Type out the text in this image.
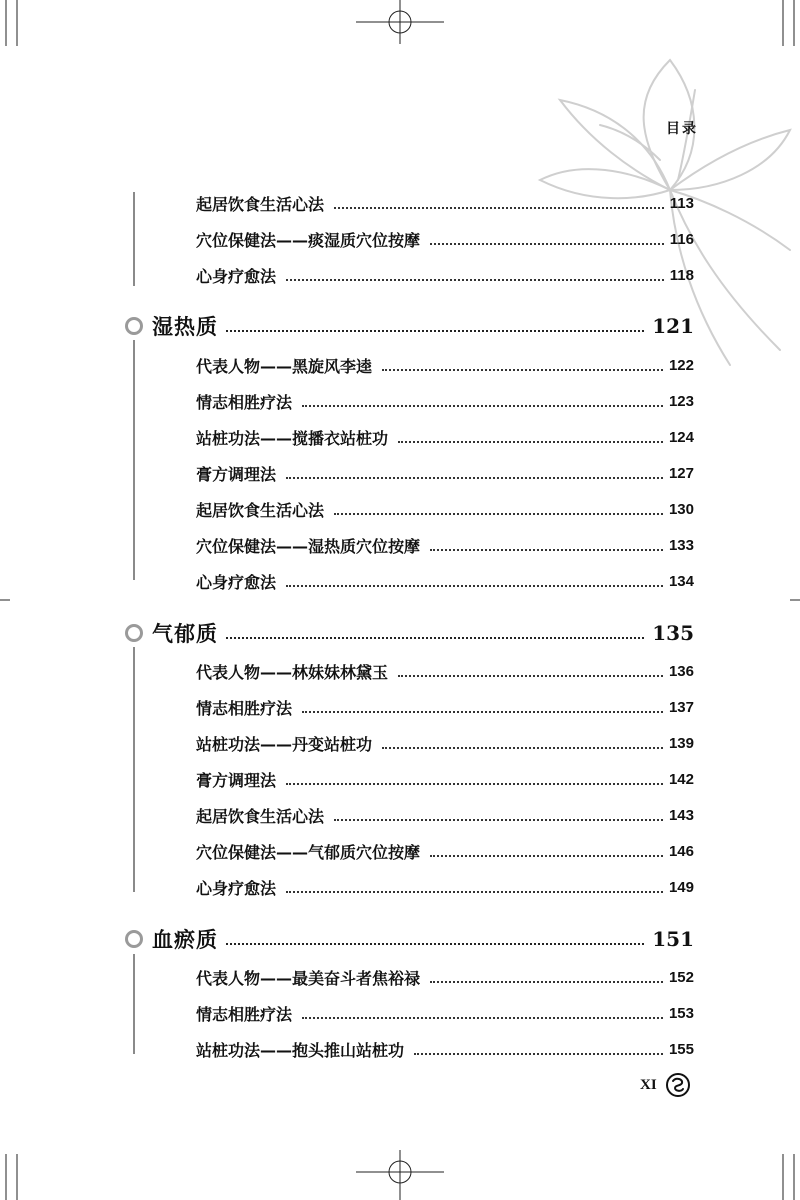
目录
起居饮食生活心法	113
穴位保健法——痰湿质穴位按摩	116
心身疗愈法	118
湿热质	121
代表人物——黑旋风李逵	122
情志相胜疗法	123
站桩功法——搅播衣站桩功	124
膏方调理法	127
起居饮食生活心法	130
穴位保健法——湿热质穴位按摩	133
心身疗愈法	134
气郁质	135
代表人物——林妹妹林黛玉	136
情志相胜疗法	137
站桩功法——丹变站桩功	139
膏方调理法	142
起居饮食生活心法	143
穴位保健法——气郁质穴位按摩	146
心身疗愈法	149
血瘀质	151
代表人物——最美奋斗者焦裕禄	152
情志相胜疗法	153
站桩功法——抱头推山站桩功	155
XI
